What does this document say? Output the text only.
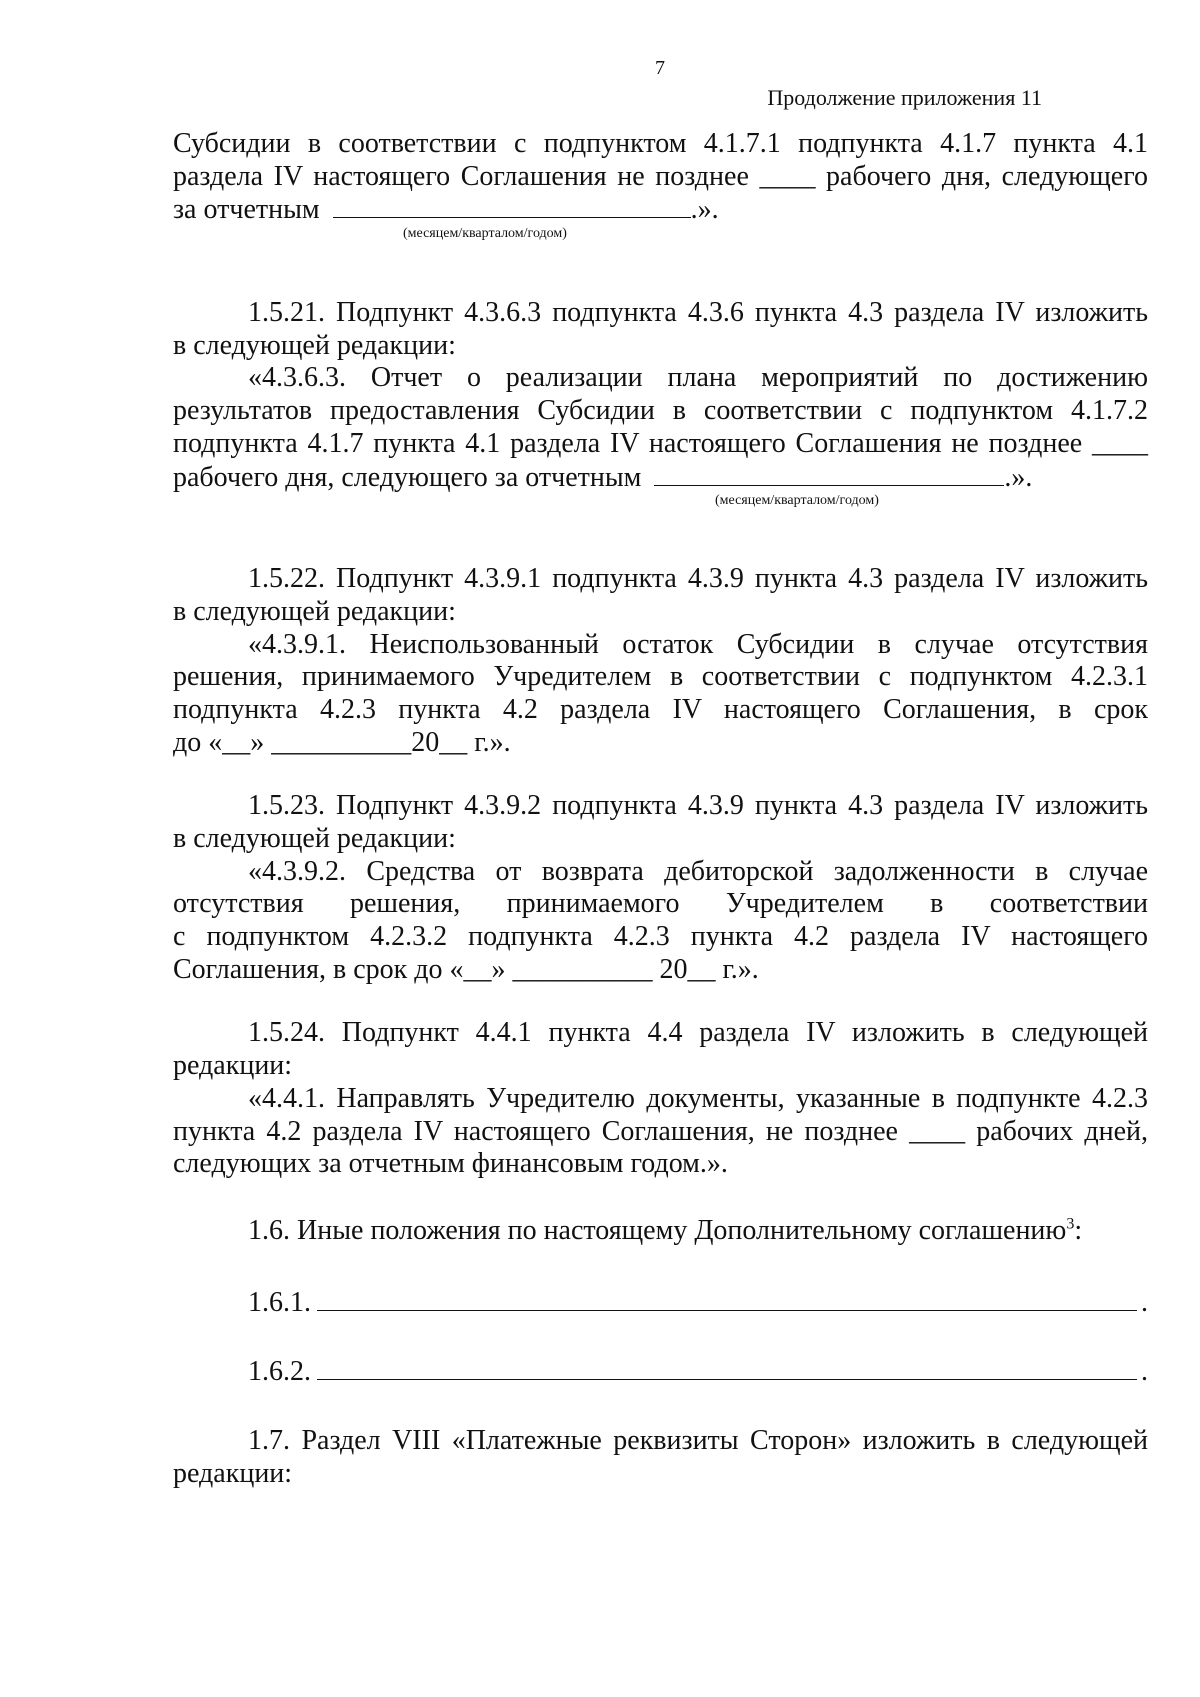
7
Продолжение приложения 11
Субсидии в соответствии с подпунктом 4.1.7.1 подпункта 4.1.7 пункта 4.1
раздела IV настоящего Соглашения не позднее ____ рабочего дня, следующего
за отчетным	.».
(месяцем/кварталом/годом)
1.5.21. Подпункт 4.3.6.3 подпункта 4.3.6 пункта 4.3 раздела IV изложить
в следующей редакции:
«4.3.6.3. Отчет о реализации плана мероприятий по достижению
результатов предоставления Субсидии в соответствии с подпунктом 4.1.7.2
подпункта 4.1.7 пункта 4.1 раздела IV настоящего Соглашения не позднее ____
рабочего дня, следующего за отчетным	.».
(месяцем/кварталом/годом)
1.5.22. Подпункт 4.3.9.1 подпункта 4.3.9 пункта 4.3 раздела IV изложить
в следующей редакции:
«4.3.9.1. Неиспользованный остаток Субсидии в случае отсутствия
решения, принимаемого Учредителем в соответствии с подпунктом 4.2.3.1
подпункта 4.2.3 пункта 4.2 раздела IV настоящего Соглашения, в срок
до «__» __________20__ г.».
1.5.23. Подпункт 4.3.9.2 подпункта 4.3.9 пункта 4.3 раздела IV изложить
в следующей редакции:
«4.3.9.2. Средства от возврата дебиторской задолженности в случае
отсутствия решения, принимаемого Учредителем в соответствии
с подпунктом 4.2.3.2 подпункта 4.2.3 пункта 4.2 раздела IV настоящего
Соглашения, в срок до «__» __________ 20__ г.».
1.5.24. Подпункт 4.4.1 пункта 4.4 раздела IV изложить в следующей
редакции:
«4.4.1. Направлять Учредителю документы, указанные в подпункте 4.2.3
пункта 4.2 раздела IV настоящего Соглашения, не позднее ____ рабочих дней,
следующих за отчетным финансовым годом.».
1.6. Иные положения по настоящему Дополнительному соглашению$^3$:
1.6.1.	.
1.6.2.	.
1.7. Раздел VIII «Платежные реквизиты Сторон» изложить в следующей
редакции:
